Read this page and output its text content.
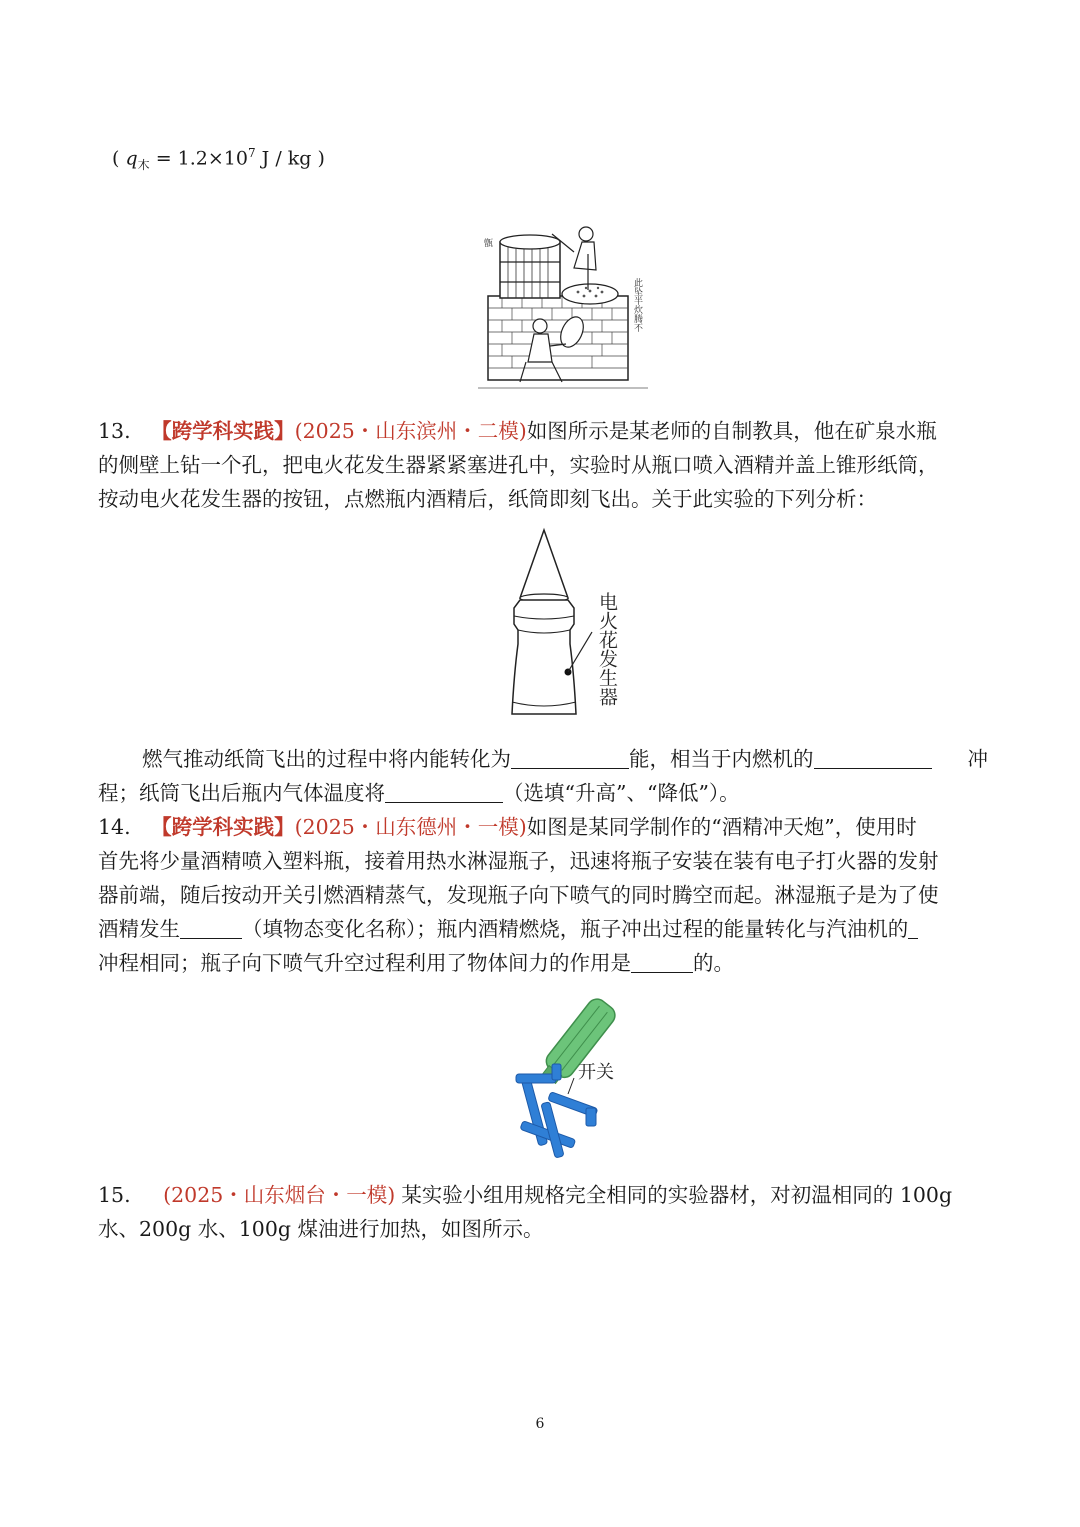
( $q_木 = 1.2\times 10^7$ J / kg )
甑
此坠半炊腾不
13. 【跨学科实践】(2025・山东滨州・二模)如图所示是某老师的自制教具，他在矿泉水瓶
的侧壁上钻一个孔，把电火花发生器紧紧塞进孔中，实验时从瓶口喷入酒精并盖上锥形纸筒，
按动电火花发生器的按钮，点燃瓶内酒精后，纸筒即刻飞出。关于此实验的下列分析：
电火花发生器
燃气推动纸筒飞出的过程中将内能转化为	能，相当于内燃机的	冲
程；纸筒飞出后瓶内气体温度将	（选填“升高”、“降低”）。
14. 【跨学科实践】(2025・山东德州・一模)如图是某同学制作的“酒精冲天炮”，使用时
首先将少量酒精喷入塑料瓶，接着用热水淋湿瓶子，迅速将瓶子安装在装有电子打火器的发射
器前端，随后按动开关引燃酒精蒸气，发现瓶子向下喷气的同时腾空而起。淋湿瓶子是为了使
酒精发生	（填物态变化名称）；瓶内酒精燃烧，瓶子冲出过程的能量转化与汽油机的
冲程相同；瓶子向下喷气升空过程利用了物体间力的作用是	的。
开关
15. (2025・山东烟台・一模) 某实验小组用规格完全相同的实验器材，对初温相同的 100g
水、200g 水、100g 煤油进行加热，如图所示。
6
